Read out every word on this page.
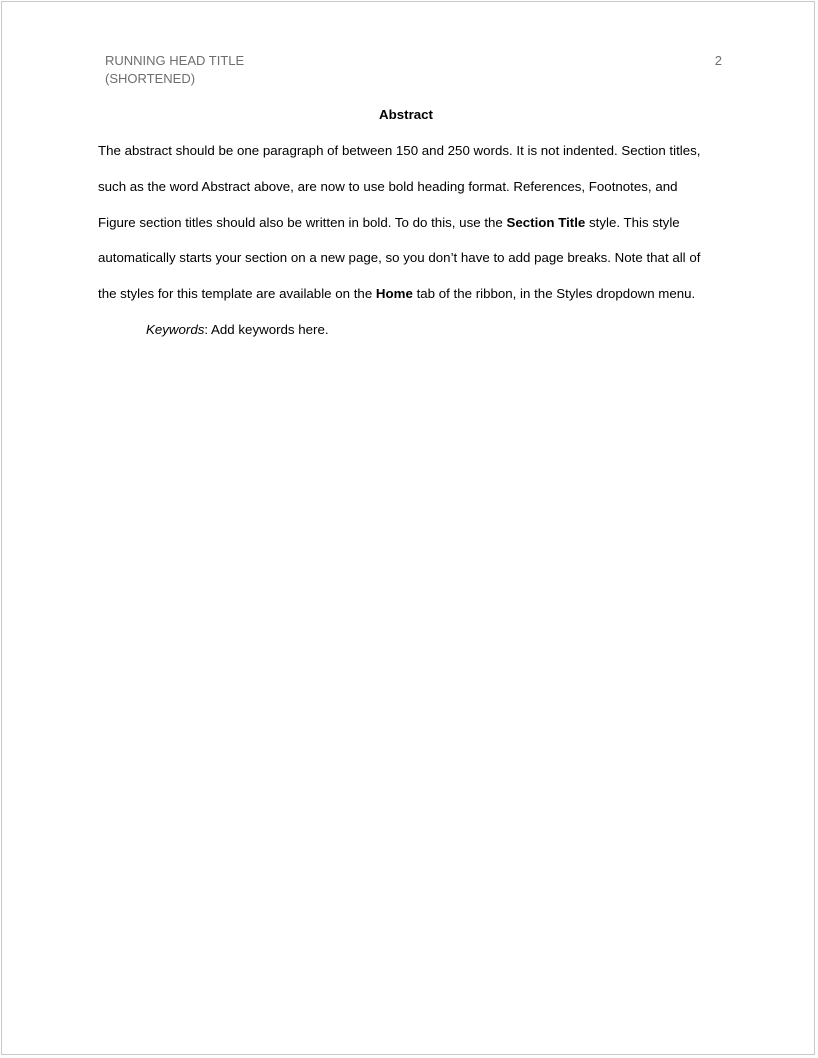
RUNNING HEAD TITLE
(SHORTENED)
2
Abstract
The abstract should be one paragraph of between 150 and 250 words. It is not indented. Section titles,
such as the word Abstract above, are now to use bold heading format. References, Footnotes, and
Figure section titles should also be written in bold. To do this, use the Section Title style. This style
automatically starts your section on a new page, so you don’t have to add page breaks. Note that all of
the styles for this template are available on the Home tab of the ribbon, in the Styles dropdown menu.
Keywords: Add keywords here.
